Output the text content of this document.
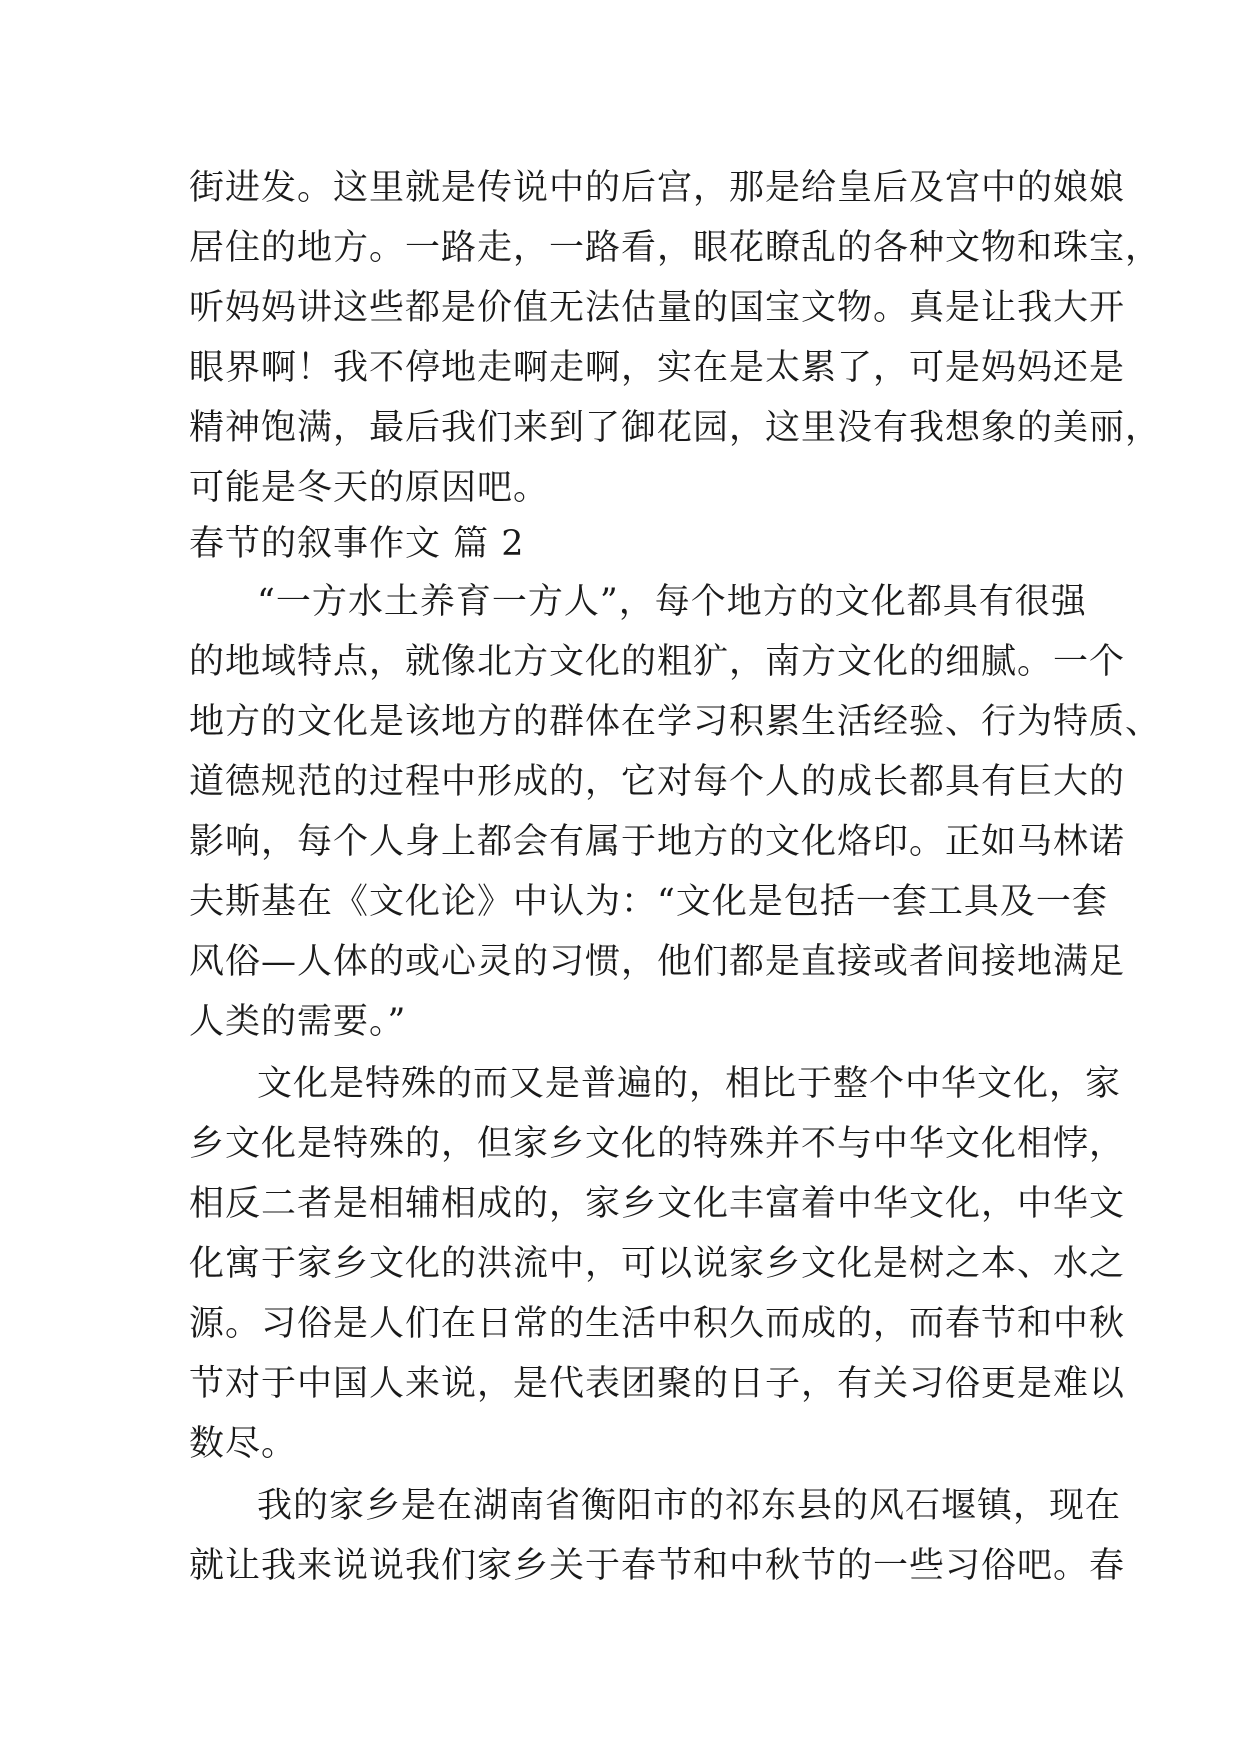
街进发。这里就是传说中的后宫，那是给皇后及宫中的娘娘
居住的地方。一路走，一路看，眼花瞭乱的各种文物和珠宝，
听妈妈讲这些都是价值无法估量的国宝文物。真是让我大开
眼界啊！我不停地走啊走啊，实在是太累了，可是妈妈还是
精神饱满，最后我们来到了御花园，这里没有我想象的美丽，
可能是冬天的原因吧。
春节的叙事作文 篇 2
“一方水土养育一方人”，每个地方的文化都具有很强
的地域特点，就像北方文化的粗犷，南方文化的细腻。一个
地方的文化是该地方的群体在学习积累生活经验、行为特质、
道德规范的过程中形成的，它对每个人的成长都具有巨大的
影响，每个人身上都会有属于地方的文化烙印。正如马林诺
夫斯基在《文化论》中认为：“文化是包括一套工具及一套
风俗—人体的或心灵的习惯，他们都是直接或者间接地满足
人类的需要。”
文化是特殊的而又是普遍的，相比于整个中华文化，家
乡文化是特殊的，但家乡文化的特殊并不与中华文化相悖，
相反二者是相辅相成的，家乡文化丰富着中华文化，中华文
化寓于家乡文化的洪流中，可以说家乡文化是树之本、水之
源。习俗是人们在日常的生活中积久而成的，而春节和中秋
节对于中国人来说，是代表团聚的日子，有关习俗更是难以
数尽。
我的家乡是在湖南省衡阳市的祁东县的风石堰镇，现在
就让我来说说我们家乡关于春节和中秋节的一些习俗吧。春
